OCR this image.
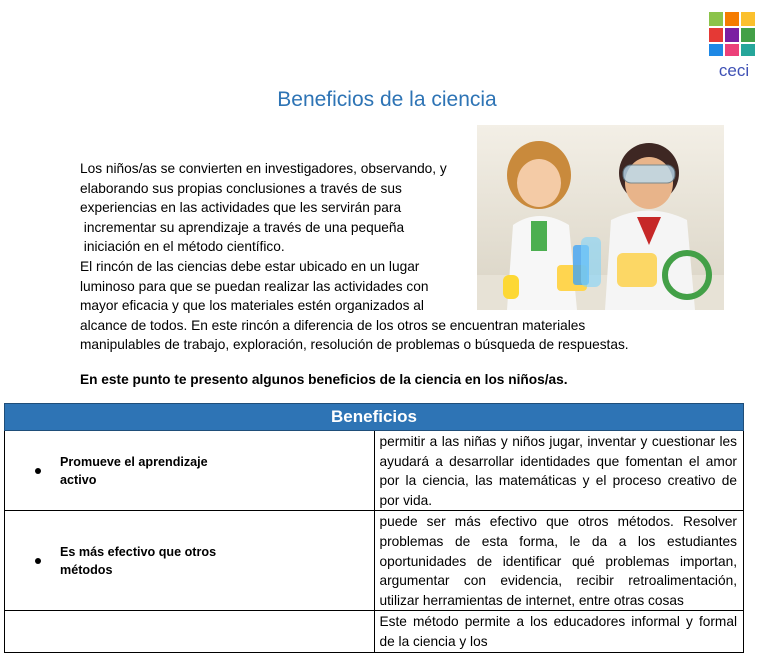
ceci
Beneficios de la ciencia

Los niños/as se convierten en investigadores, observando, y
elaborando sus propias conclusiones a través de sus
experiencias en las actividades que les servirán para
incrementar su aprendizaje a través de una pequeña
iniciación en el método científico.

El rincón de las ciencias debe estar ubicado en un lugar
luminoso para que se puedan realizar las actividades con
mayor eficacia y que los materiales estén organizados al
alcance de todos. En este rincón a diferencia de los otros se encuentran materiales
manipulables de trabajo, exploración, resolución de problemas o búsqueda de respuestas.

En este punto te presento algunos beneficios de la ciencia en los niños/as.

Beneficios	

Promueve el aprendizaje
activo	permitir a las niñas y niños jugar, inventar y cuestionar les ayudará a desarrollar identidades que fomentan el amor por la ciencia, las matemáticas y el proceso creativo de por vida.

Es más efectivo que otros
métodos	puede ser más efectivo que otros métodos. Resolver problemas de esta forma, le da a los estudiantes oportunidades de identificar qué problemas importan, argumentar con evidencia, recibir retroalimentación, utilizar herramientas de internet, entre otras cosas
	Este método permite a los educadores informal y formal de la ciencia y los
